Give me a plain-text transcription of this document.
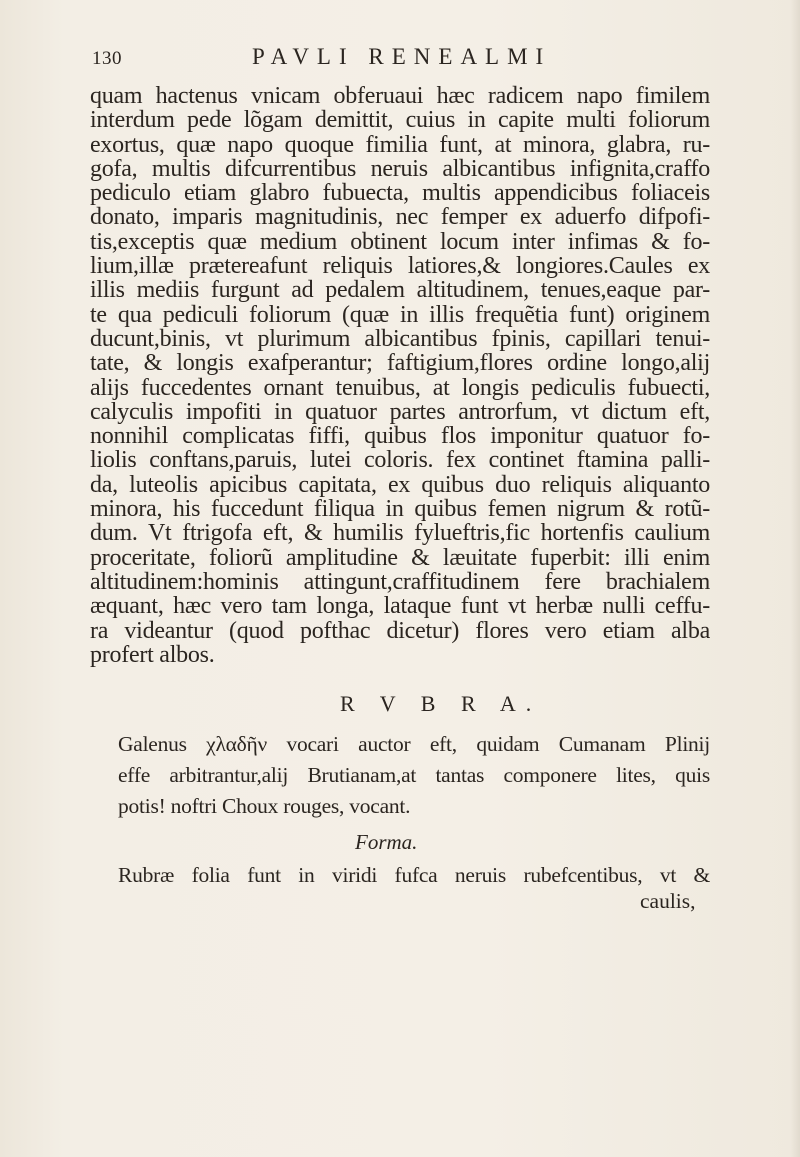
130	PAVLI RENEALMI
quam hactenus vnicam obferuaui hæc radicem napo fimilem
interdum pede lõgam demittit, cuius in capite multi foliorum
exortus, quæ napo quoque fimilia funt, at minora, glabra, ru-
gofa, multis difcurrentibus neruis albicantibus infignita,craffo
pediculo etiam glabro fubuecta, multis appendicibus foliaceis
donato, imparis magnitudinis, nec femper ex aduerfo difpofi-
tis,exceptis quæ medium obtinent locum inter infimas & fo-
lium,illæ prætereafunt reliquis latiores,& longiores.Caules ex
illis mediis furgunt ad pedalem altitudinem, tenues,eaque par-
te qua pediculi foliorum (quæ in illis frequẽtia funt) originem
ducunt,binis, vt plurimum albicantibus fpinis, capillari tenui-
tate, & longis exafperantur; faftigium,flores ordine longo,alij
alijs fuccedentes ornant tenuibus, at longis pediculis fubuecti,
calyculis impofiti in quatuor partes antrorfum, vt dictum eft,
nonnihil complicatas fiffi, quibus flos imponitur quatuor fo-
liolis conftans,paruis, lutei coloris. fex continet ftamina palli-
da, luteolis apicibus capitata, ex quibus duo reliquis aliquanto
minora, his fuccedunt filiqua in quibus femen nigrum & rotũ-
dum. Vt ftrigofa eft, & humilis fylueftris,fic hortenfis caulium
proceritate, foliorũ amplitudine & læuitate fuperbit: illi enim
altitudinem:hominis attingunt,craffitudinem fere brachialem
æquant, hæc vero tam longa, lataque funt vt herbæ nulli ceffu-
ra videantur (quod pofthac dicetur) flores vero etiam alba
profert albos.
R V B R A.
Galenus χλαδῆν vocari auctor eft, quidam Cumanam Plinij
effe arbitrantur,alij Brutianam,at tantas componere lites, quis
potis! noftri Choux rouges, vocant.
Forma.
Rubræ folia funt in viridi fufca neruis rubefcentibus, vt &
caulis,
